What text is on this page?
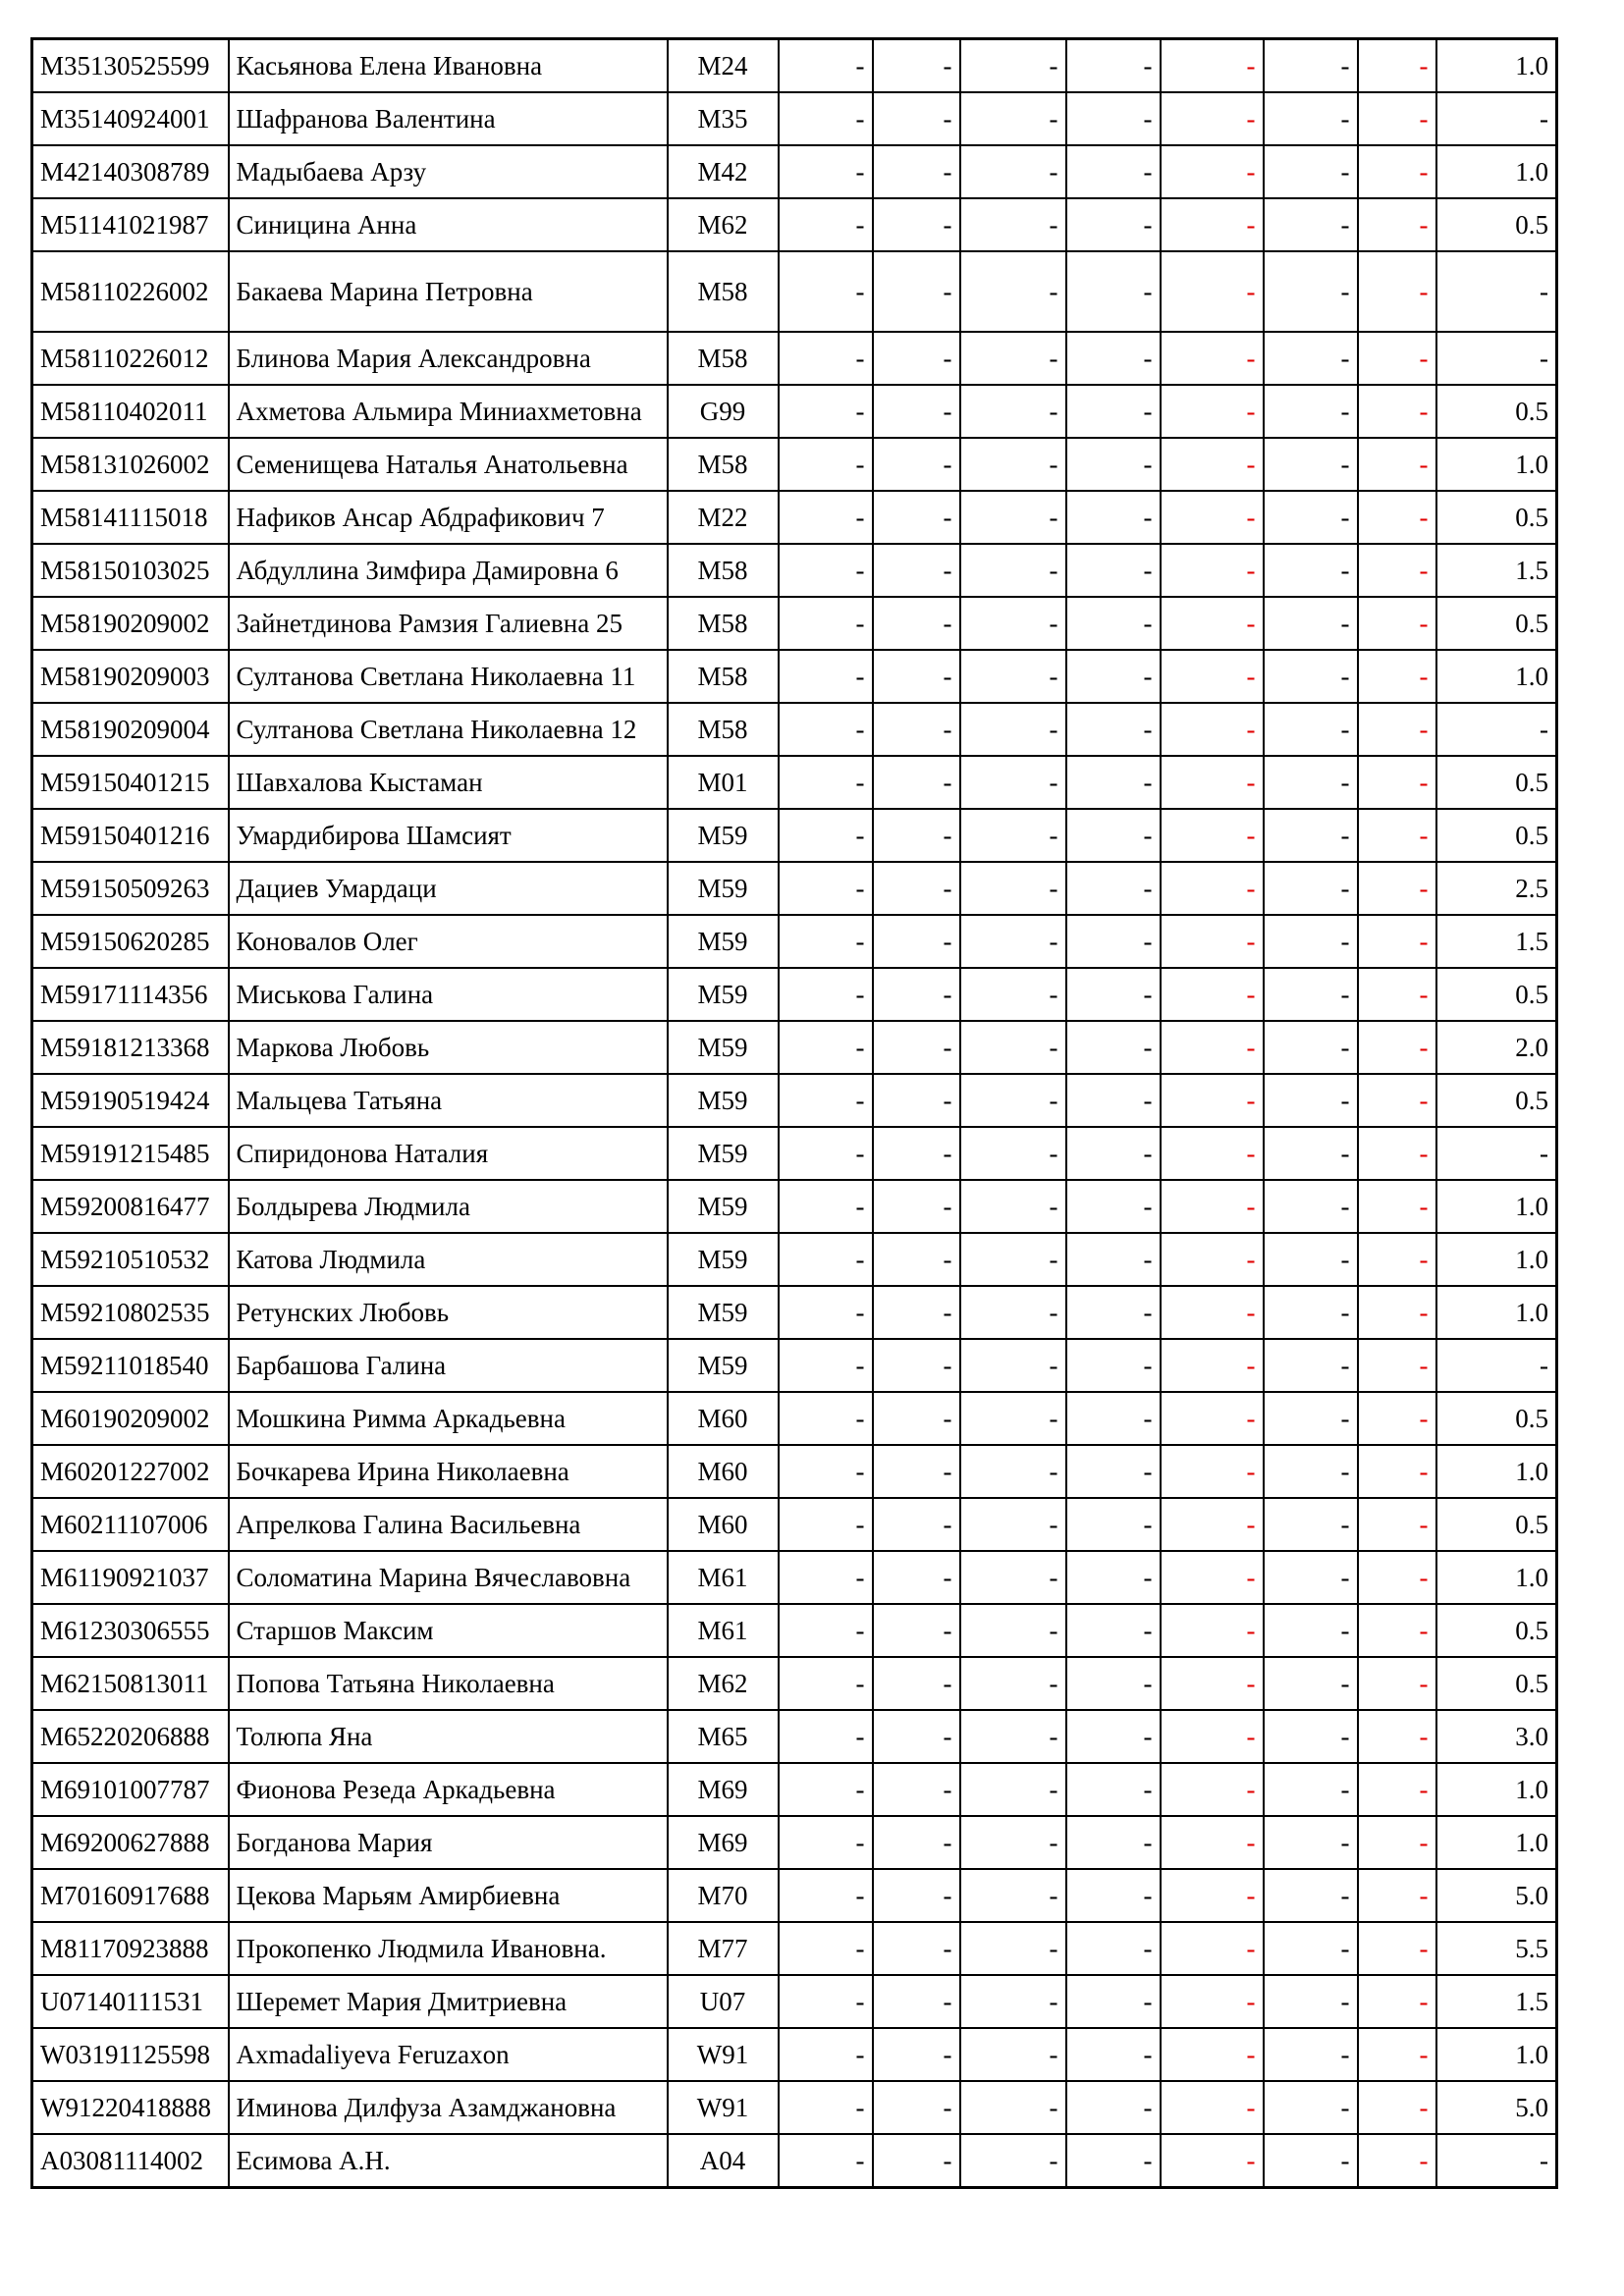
M35130525599	Касьянова Елена Ивановна	M24	-	-	-	-	-	-	-	1.0
M35140924001	Шафранова Валентина	M35	-	-	-	-	-	-	-	-
M42140308789	Мадыбаева Арзу	M42	-	-	-	-	-	-	-	1.0
M51141021987	Синицина Анна	M62	-	-	-	-	-	-	-	0.5
M58110226002	Бакаева Марина Петровна	M58	-	-	-	-	-	-	-	-
M58110226012	Блинова Мария Александровна	M58	-	-	-	-	-	-	-	-
M58110402011	Ахметова Альмира Миниахметовна	G99	-	-	-	-	-	-	-	0.5
M58131026002	Семенищева Наталья Анатольевна	M58	-	-	-	-	-	-	-	1.0
M58141115018	Нафиков Ансар Абдрафикович 7	M22	-	-	-	-	-	-	-	0.5
M58150103025	Абдуллина Зимфира Дамировна 6	M58	-	-	-	-	-	-	-	1.5
M58190209002	Зайнетдинова Рамзия Галиевна 25	M58	-	-	-	-	-	-	-	0.5
M58190209003	Султанова Светлана Николаевна 11	M58	-	-	-	-	-	-	-	1.0
M58190209004	Султанова Светлана Николаевна 12	M58	-	-	-	-	-	-	-	-
M59150401215	Шавхалова Кыстаман	M01	-	-	-	-	-	-	-	0.5
M59150401216	Умардибирова Шамсият	M59	-	-	-	-	-	-	-	0.5
M59150509263	Дациев Умардаци	M59	-	-	-	-	-	-	-	2.5
M59150620285	Коновалов Олег	M59	-	-	-	-	-	-	-	1.5
M59171114356	Миськова Галина	M59	-	-	-	-	-	-	-	0.5
M59181213368	Маркова Любовь	M59	-	-	-	-	-	-	-	2.0
M59190519424	Мальцева Татьяна	M59	-	-	-	-	-	-	-	0.5
M59191215485	Спиридонова Наталия	M59	-	-	-	-	-	-	-	-
M59200816477	Болдырева Людмила	M59	-	-	-	-	-	-	-	1.0
M59210510532	Катова Людмила	M59	-	-	-	-	-	-	-	1.0
M59210802535	Ретунских Любовь	M59	-	-	-	-	-	-	-	1.0
M59211018540	Барбашова Галина	M59	-	-	-	-	-	-	-	-
M60190209002	Мошкина Римма Аркадьевна	M60	-	-	-	-	-	-	-	0.5
M60201227002	Бочкарева Ирина Николаевна	M60	-	-	-	-	-	-	-	1.0
M60211107006	Апрелкова Галина Васильевна	M60	-	-	-	-	-	-	-	0.5
M61190921037	Соломатина Марина Вячеславовна	M61	-	-	-	-	-	-	-	1.0
M61230306555	Старшов Максим	M61	-	-	-	-	-	-	-	0.5
M62150813011	Попова Татьяна Николаевна	M62	-	-	-	-	-	-	-	0.5
M65220206888	Толюпа Яна	M65	-	-	-	-	-	-	-	3.0
M69101007787	Фионова Резеда Аркадьевна	M69	-	-	-	-	-	-	-	1.0
M69200627888	Богданова Мария	M69	-	-	-	-	-	-	-	1.0
M70160917688	Цекова Марьям Амирбиевна	M70	-	-	-	-	-	-	-	5.0
M81170923888	Прокопенко Людмила Ивановна.	M77	-	-	-	-	-	-	-	5.5
U07140111531	Шеремет Мария Дмитриевна	U07	-	-	-	-	-	-	-	1.5
W03191125598	Axmadaliyeva Feruzaxon	W91	-	-	-	-	-	-	-	1.0
W91220418888	Иминова Дилфуза Азамджановна	W91	-	-	-	-	-	-	-	5.0
A03081114002	Есимова А.Н.	A04	-	-	-	-	-	-	-	-
